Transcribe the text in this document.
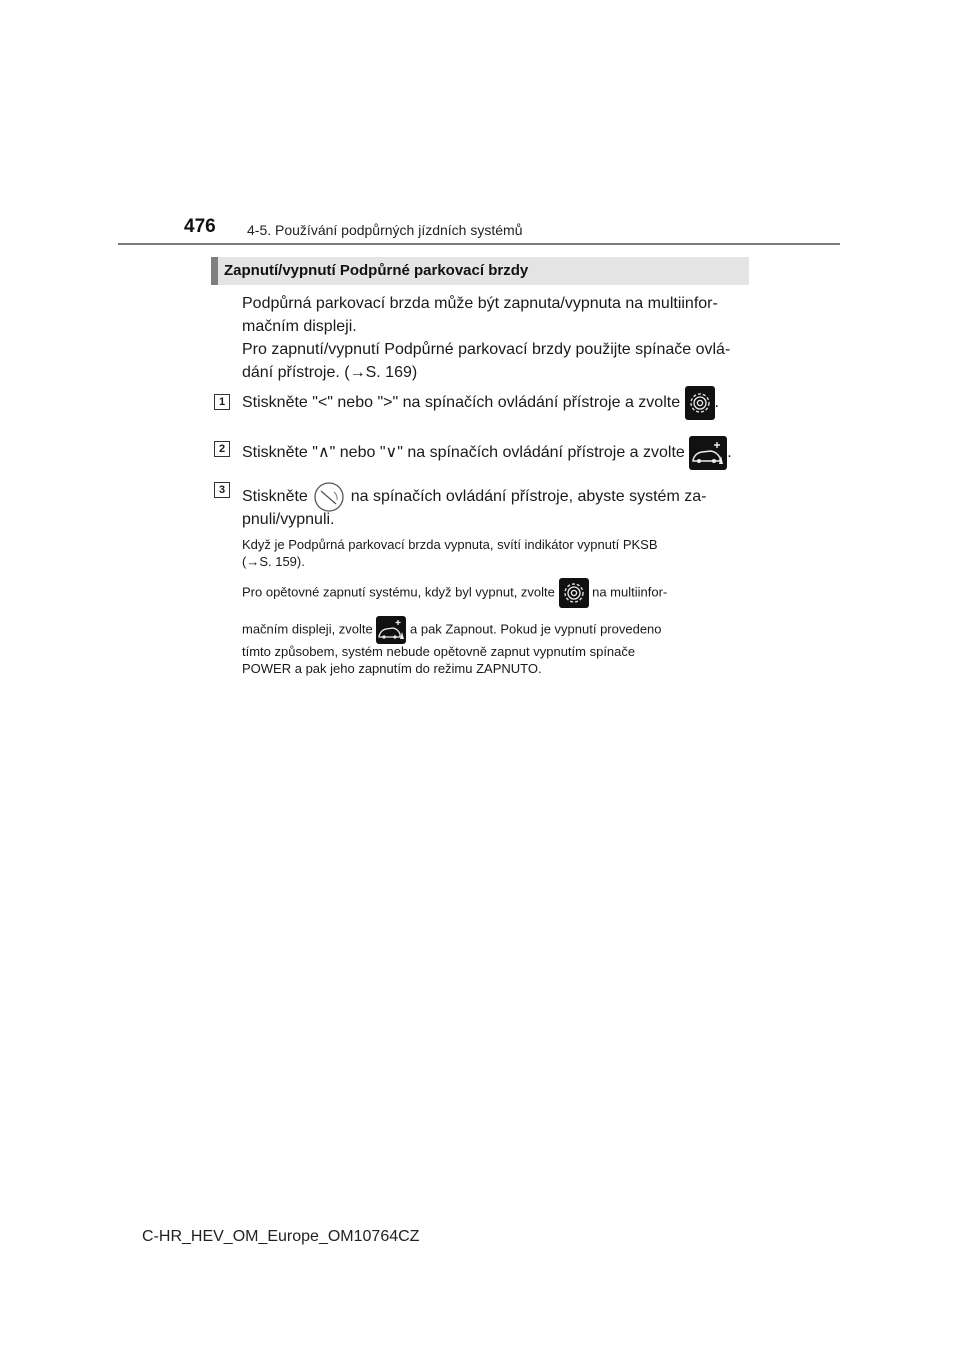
476 4-5. Používání podpůrných jízdních systémů
Zapnutí/vypnutí Podpůrné parkovací brzdy
Podpůrná parkovací brzda může být zapnuta/vypnuta na multiinfor-
mačním displeji.
Pro zapnutí/vypnutí Podpůrné parkovací brzdy použijte spínače ovlá-
dání přístroje. (→S. 169)
1	Stiskněte "<" nebo ">" na spínačích ovládání přístroje a zvolte
.
2	Stiskněte "∧" nebo "∨" na spínačích ovládání přístroje a zvolte
.
3	Stiskněte  na spínačích ovládání přístroje, abyste systém za-
pnuli/vypnuli.
Když je Podpůrná parkovací brzda vypnuta, svítí indikátor vypnutí PKSB
(→S. 159).
Pro opětovné zapnutí systému, když byl vypnut, zvolte
na multiinfor-
mačním displeji, zvolte
a pak Zapnout. Pokud je vypnutí provedeno
tímto způsobem, systém nebude opětovně zapnut vypnutím spínače
POWER a pak jeho zapnutím do režimu ZAPNUTO.
C-HR_HEV_OM_Europe_OM10764CZ
